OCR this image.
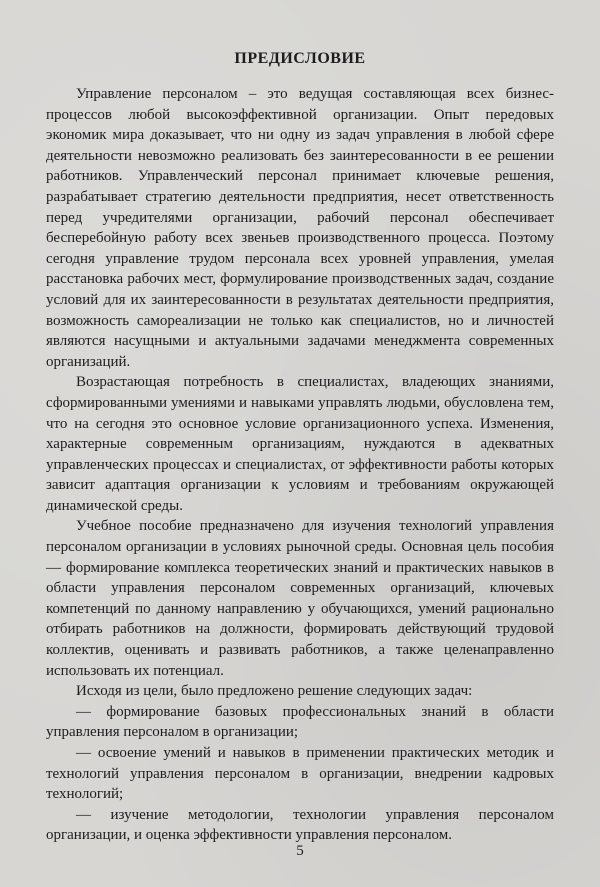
ПРЕДИСЛОВИЕ

Управление персоналом – это ведущая составляющая всех бизнес-процессов любой высокоэффективной организации. Опыт передовых экономик мира доказывает, что ни одну из задач управления в любой сфере деятельности невозможно реализовать без заинтересованности в ее решении работников. Управленческий персонал принимает ключевые решения, разрабатывает стратегию деятельности предприятия, несет ответственность перед учредителями организации, рабочий персонал обеспечивает бесперебойную работу всех звеньев производственного процесса. Поэтому сегодня управление трудом персонала всех уровней управления, умелая расстановка рабочих мест, формулирование производственных задач, создание условий для их заинтересованности в результатах деятельности предприятия, возможность самореализации не только как специалистов, но и личностей являются насущными и актуальными задачами менеджмента современных организаций.

Возрастающая потребность в специалистах, владеющих знаниями, сформированными умениями и навыками управлять людьми, обусловлена тем, что на сегодня это основное условие организационного успеха. Изменения, характерные современным организациям, нуждаются в адекватных управленческих процессах и специалистах, от эффективности работы которых зависит адаптация организации к условиям и требованиям окружающей динамической среды.

Учебное пособие предназначено для изучения технологий управления персоналом организации в условиях рыночной среды. Основная цель пособия — формирование комплекса теоретических знаний и практических навыков в области управления персоналом современных организаций, ключевых компетенций по данному направлению у обучающихся, умений рационально отбирать работников на должности, формировать действующий трудовой коллектив, оценивать и развивать работников, а также целенаправленно использовать их потенциал.

Исходя из цели, было предложено решение следующих задач:

— формирование базовых профессиональных знаний в области управления персоналом в организации;

— освоение умений и навыков в применении практических методик и технологий управления персоналом в организации, внедрении кадровых технологий;

— изучение методологии, технологии управления персоналом организации, и оценка эффективности управления персоналом.

5
